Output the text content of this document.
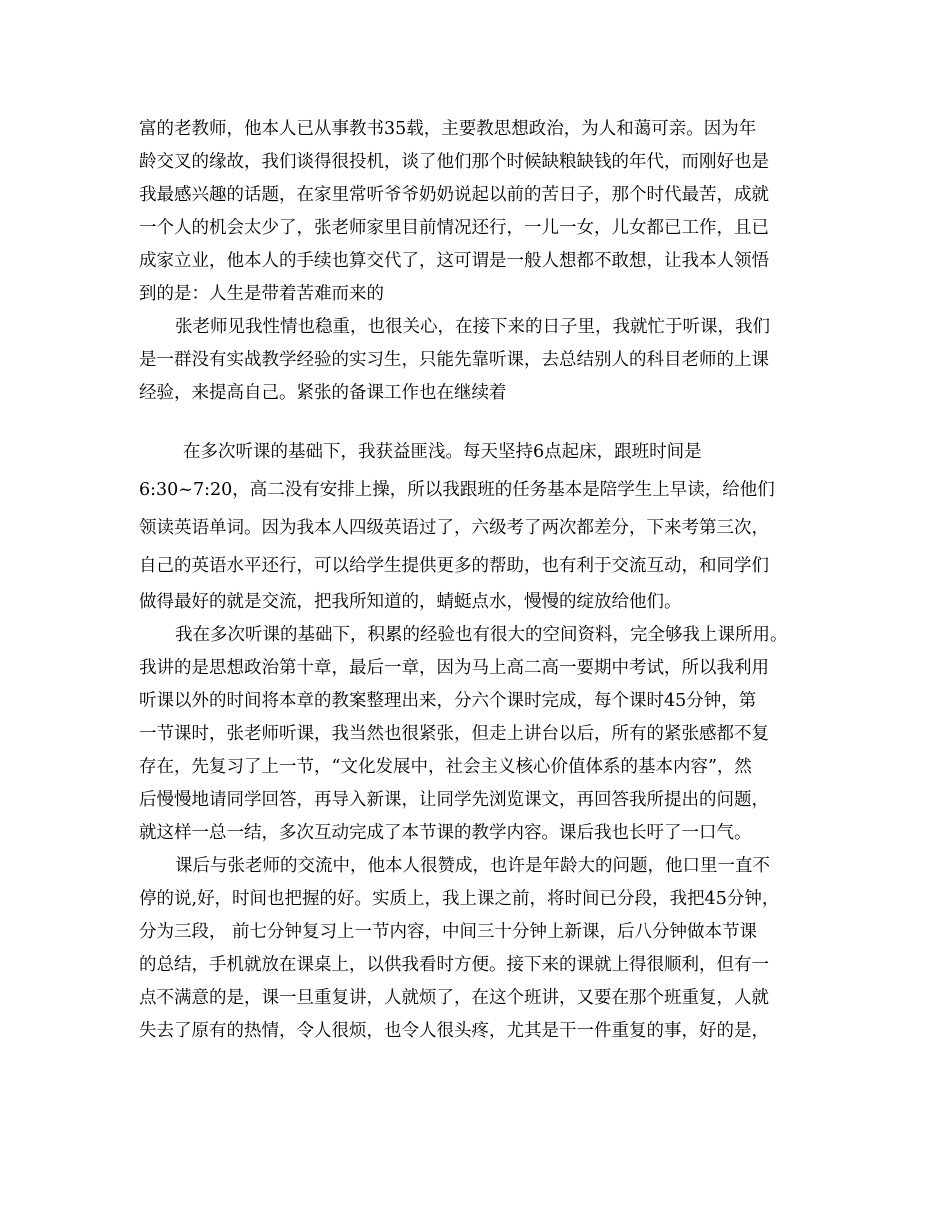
富的老教师，他本人已从事教书35载，主要教思想政治，为人和蔼可亲。因为年
龄交叉的缘故，我们谈得很投机，谈了他们那个时候缺粮缺钱的年代，而刚好也是
我最感兴趣的话题，在家里常听爷爷奶奶说起以前的苦日子，那个时代最苦，成就
一个人的机会太少了，张老师家里目前情况还行，一儿一女，儿女都已工作，且已
成家立业，他本人的手续也算交代了，这可谓是一般人想都不敢想，让我本人领悟
到的是：人生是带着苦难而来的
张老师见我性情也稳重，也很关心，在接下来的日子里，我就忙于听课，我们
是一群没有实战教学经验的实习生，只能先靠听课，去总结别人的科目老师的上课
经验，来提高自己。紧张的备课工作也在继续着
在多次听课的基础下，我获益匪浅。每天坚持6点起床，跟班时间是
6:30~7:20，高二没有安排上操，所以我跟班的任务基本是陪学生上早读，给他们
领读英语单词。因为我本人四级英语过了，六级考了两次都差分，下来考第三次，
自己的英语水平还行，可以给学生提供更多的帮助，也有利于交流互动，和同学们
做得最好的就是交流，把我所知道的，蜻蜓点水，慢慢的绽放给他们。
我在多次听课的基础下，积累的经验也有很大的空间资料，完全够我上课所用。
我讲的是思想政治第十章，最后一章，因为马上高二高一要期中考试，所以我利用
听课以外的时间将本章的教案整理出来，分六个课时完成，每个课时45分钟，第
一节课时，张老师听课，我当然也很紧张，但走上讲台以后，所有的紧张感都不复
存在，先复习了上一节，“文化发展中，社会主义核心价值体系的基本内容”，然
后慢慢地请同学回答，再导入新课，让同学先浏览课文，再回答我所提出的问题，
就这样一总一结，多次互动完成了本节课的教学内容。课后我也长吁了一口气。
课后与张老师的交流中，他本人很赞成，也许是年龄大的问题，他口里一直不
停的说,好，时间也把握的好。实质上，我上课之前，将时间已分段，我把45分钟，
分为三段， 前七分钟复习上一节内容，中间三十分钟上新课，后八分钟做本节课
的总结，手机就放在课桌上，以供我看时方便。接下来的课就上得很顺利，但有一
点不满意的是，课一旦重复讲，人就烦了，在这个班讲，又要在那个班重复，人就
失去了原有的热情，令人很烦，也令人很头疼，尤其是干一件重复的事，好的是，
